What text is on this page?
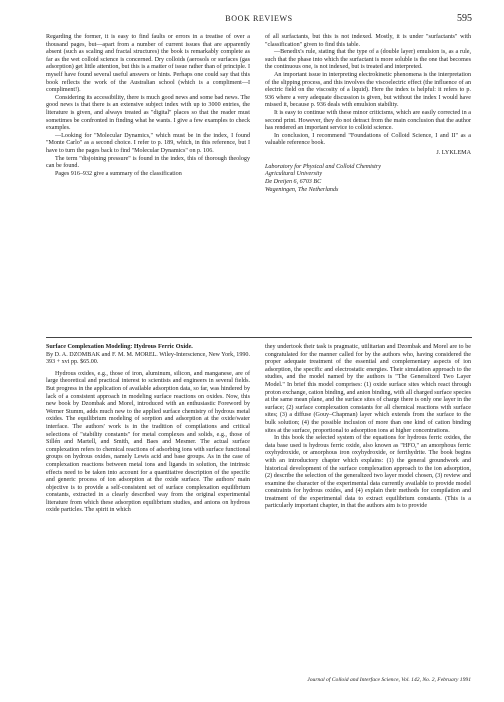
BOOK REVIEWS	595

Regarding the former, it is easy to find faults or errors in a treatise of over a thousand pages, but—apart from a number of current issues that are apparently absent (such as scaling and fractal structures) the book is remarkably complete as far as the wet colloid science is concerned. Dry colloids (aerosols or surfaces (gas adsorption) get little attention, but this is a matter of issue rather than of principle. I myself have found several useful answers or hints. Perhaps one could say that this book reflects the work of the Australian school (which is a compliment—I compliment!).

Considering its accessibility, there is much good news and some bad news. The good news is that there is an extensive subject index with up to 3000 entries, the literature is given, and always treated as "digital" places so that the reader must sometimes be confronted in finding what he wants. I give a few examples to check examples.

—Looking for "Molecular Dynamics," which must be in the index, I found "Monte Carlo" as a second choice. I refer to p. 189, which, in this reference, but I have to turn the pages back to find "Molecular Dynamics" on p. 106.

The term "disjoining pressure" is found in the index, this of thorough theology can be found.

Pages 916–932 give a summary of the classification

of all surfactants, but this is not indexed. Mostly, it is under "surfactants" with "classification" given to find this table.

—Benedix's rule, stating that the type of a (double layer) emulsion is, as a rule, such that the phase into which the surfactant is more soluble is the one that becomes the continuous one, is not indexed, but is treated and interpreted.

An important issue in interpreting electrokinetic phenomena is the interpretation of the slipping process, and this involves the viscoelectric effect (the influence of an electric field on the viscosity of a liquid). Here the index is helpful: it refers to p. 936 where a very adequate discussion is given, but without the index I would have missed it, because p. 936 deals with emulsion stability.

It is easy to continue with these minor criticisms, which are easily corrected in a second print. However, they do not detract from the main conclusion that the author has rendered an important service to colloid science.

In conclusion, I recommend "Foundations of Colloid Science, I and II" as a valuable reference book.

J. LYKLEMA
Laboratory for Physical and Colloid Chemistry
Agricultural University
De Dreijen 6, 6703 BC
Wageningen, The Netherlands

Surface Complexation Modeling: Hydrous Ferric Oxide.

By D. A. DZOMBAK and F. M. M. MOREL. Wiley-Interscience, New York, 1990. 393 + xvi pp. $65.00.

Hydrous oxides, e.g., those of iron, aluminum, silicon, and manganese, are of large theoretical and practical interest to scientists and engineers in several fields. But progress in the application of available adsorption data, so far, was hindered by lack of a consistent approach in modeling surface reactions on oxides. Now, this new book by Dzombak and Morel, introduced with an enthusiastic Foreword by Werner Stumm, adds much new to the applied surface chemistry of hydrous metal oxides. The equilibrium modeling of sorption and adsorption at the oxide/water interface. The authors' work is in the tradition of compilations and critical selections of "stability constants" for metal complexes and solids, e.g., those of Sillén and Martell, and Smith, and Baes and Mesmer. The actual surface complexation refers to chemical reactions of adsorbing ions with surface functional groups on hydrous oxides, namely Lewis acid and base groups. As in the case of complexation reactions between metal ions and ligands in solution, the intrinsic effects need to be taken into account for a quantitative description of the specific and generic process of ion adsorption at the oxide surface. The authors' main objective is to provide a self-consistent set of surface complexation equilibrium constants, extracted in a clearly described way from the original experimental literature from which these adsorption equilibrium studies, and anions on hydrous oxide particles. The spirit in which

they undertook their task is pragmatic, utilitarian and Dzombak and Morel are to be congratulated for the manner called for by the authors who, having considered the proper adequate treatment of the essential and complementary aspects of ion adsorption, the specific and electrostatic energies. Their simulation approach to the studies, and the model named by the authors is "The Generalized Two Layer Model." In brief this model comprises: (1) oxide surface sites which react through proton exchange, cation binding, and anion binding, with all charged surface species at the same mean plane, and the surface sites of charge there is only one layer in the surface; (2) surface complexation constants for all chemical reactions with surface sites; (3) a diffuse (Gouy–Chapman) layer which extends from the surface to the bulk solution; (4) the possible inclusion of more than one kind of cation binding sites at the surface, proportional to adsorption ions at higher concentrations.

In this book the selected system of the equations for hydrous ferric oxides, the data base used is hydrous ferric oxide, also known as "HFO," an amorphous ferric oxyhydroxide, or amorphous iron oxyhydroxide, or ferrihydrite. The book begins with an introductory chapter which explains: (1) the general groundwork and historical development of the surface complexation approach to the ion adsorption, (2) describe the selection of the generalized two layer model chosen, (3) review and examine the character of the experimental data currently available to provide model constraints for hydrous oxides, and (4) explain their methods for compilation and treatment of the experimental data to extract equilibrium constants. (This is a particularly important chapter, in that the authors aim is to provide

Journal of Colloid and Interface Science, Vol. 142, No. 2, February 1991
